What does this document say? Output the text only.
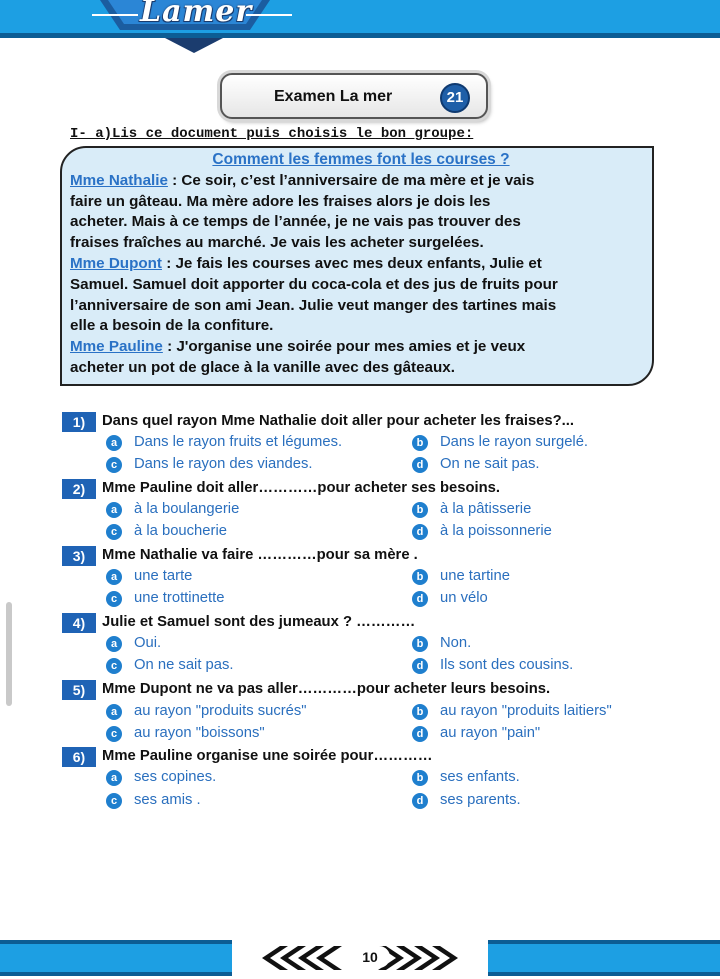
Lamer
Examen La mer	21
I- a)Lis ce document puis choisis le bon groupe:
Comment les femmes font les courses ?
Mme Nathalie : Ce soir, c’est l’anniversaire de ma mère et je vais
faire un gâteau. Ma mère adore les fraises alors je dois les
acheter. Mais à ce temps de l’année, je ne vais pas trouver des
fraises fraîches au marché. Je vais les acheter surgelées.
Mme Dupont : Je fais les courses avec mes deux enfants, Julie et
Samuel. Samuel doit apporter du coca-cola et des jus de fruits pour
l’anniversaire de son ami Jean. Julie veut manger des tartines mais
elle a besoin de la confiture.
Mme Pauline : J'organise une soirée pour mes amies et je veux
acheter un pot de glace à la vanille avec des gâteaux.
1)	Dans quel rayon Mme Nathalie doit aller pour acheter les fraises?...
a	Dans le rayon fruits et légumes.	b	Dans le rayon surgelé.
c	Dans le rayon des viandes.	d	On ne sait pas.
2)	Mme Pauline doit aller…………pour acheter ses besoins.
a	à la boulangerie	b	à la pâtisserie
c	à la boucherie	d	à la poissonnerie
3)	Mme Nathalie va faire …………pour sa mère .
a	une tarte	b	une tartine
c	une trottinette	d	un vélo
4)	Julie et Samuel sont des jumeaux ? …………
a	Oui.	b	Non.
c	On ne sait pas.	d	Ils sont des cousins.
5)	Mme Dupont ne va pas aller…………pour acheter leurs besoins.
a	au rayon "produits sucrés"	b	au rayon "produits laitiers"
c	au rayon "boissons"	d	au rayon "pain"
6)	Mme Pauline organise une soirée pour…………
a	ses copines.	b	ses enfants.
c	ses amis .	d	ses parents.
10
